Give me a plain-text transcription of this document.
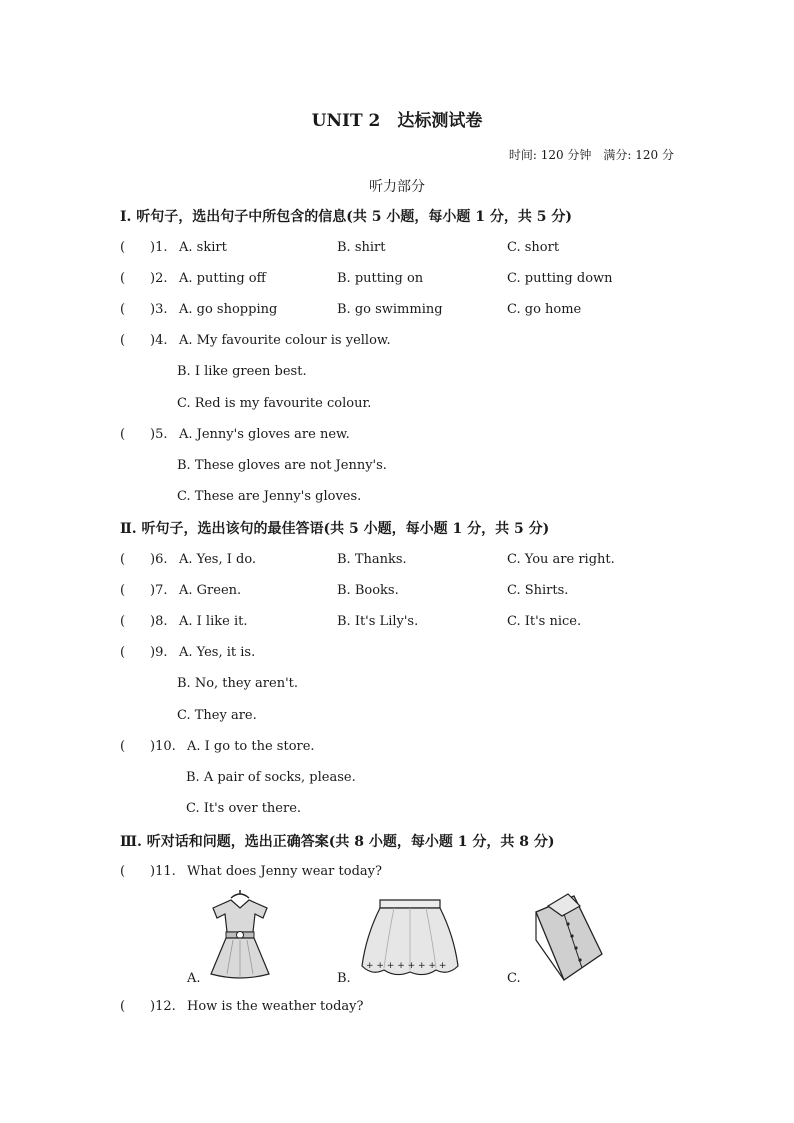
UNIT 2　达标测试卷
时间: 120 分钟　满分: 120 分
听力部分
Ⅰ. 听句子，选出句子中所包含的信息(共 5 小题，每小题 1 分，共 5 分)
( )1. A. skirt	B. shirt	C. short
( )2. A. putting off	B. putting on	C. putting down
( )3. A. go shopping	B. go swimming	C. go home
( )4. A. My favourite colour is yellow.
B. I like green best.
C. Red is my favourite colour.
( )5. A. Jenny's gloves are new.
B. These gloves are not Jenny's.
C. These are Jenny's gloves.
Ⅱ. 听句子，选出该句的最佳答语(共 5 小题，每小题 1 分，共 5 分)
( )6. A. Yes, I do.	B. Thanks.	C. You are right.
( )7. A. Green.	B. Books.	C. Shirts.
( )8. A. I like it.	B. It's Lily's.	C. It's nice.
( )9. A. Yes, it is.
B. No, they aren't.
C. They are.
( )10. A. I go to the store.
B. A pair of socks, please.
C. It's over there.
Ⅲ. 听对话和问题，选出正确答案(共 8 小题，每小题 1 分，共 8 分)
( )11. What does Jenny wear today?
A.
+ + + + + + + +
B.	C.
( )12. How is the weather today?
